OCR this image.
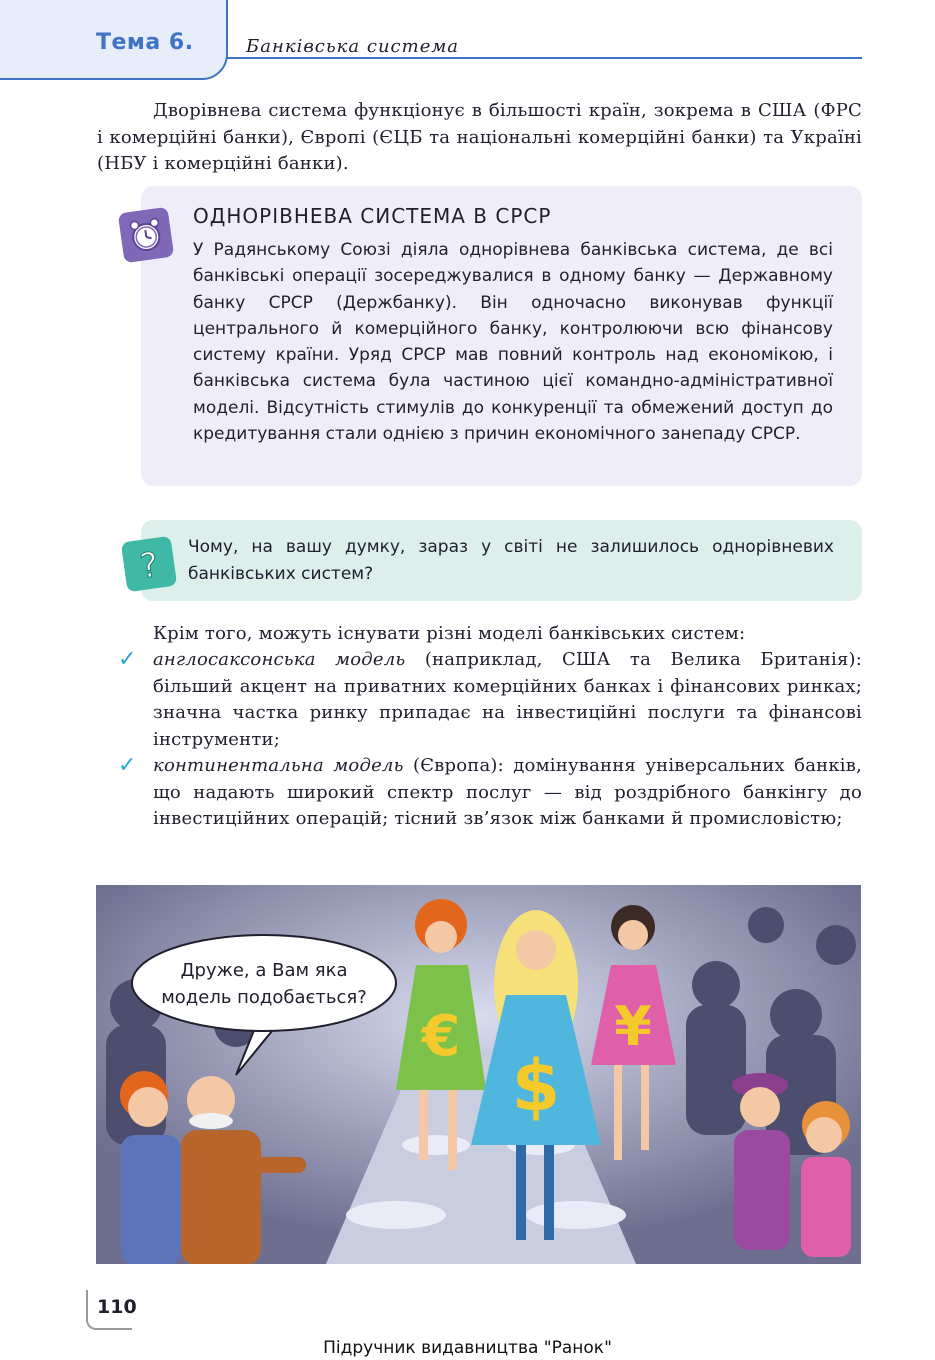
Тема 6.	Банківська система

Дворівнева система функціонує в більшості країн, зокрема в США (ФРС і комерційні банки), Європі (ЄЦБ та національні комерційні банки) та Україні (НБУ і комерційні банки).

ОДНОРІВНЕВА СИСТЕМА В СРСР

У Радянському Союзі діяла однорівнева банківська система, де всі банківські операції зосереджувалися в одному банку — Державному банку СРСР (Держбанку). Він одночасно виконував функції центрального й комерційного банку, контролюючи всю фінансову систему країни. Уряд СРСР мав повний контроль над економікою, і банківська система була частиною цієї командно-адміністративної моделі. Відсутність стимулів до конкуренції та обмежений доступ до кредитування стали однією з причин економічного занепаду СРСР.

? Чому, на вашу думку, зараз у світі не залишилось однорівневих банківських систем?

Крім того, можуть існувати різні моделі банківських систем:

✓ англосаксонська модель (наприклад, США та Велика Британія): більший акцент на приватних комерційних банках і фінансових ринках; значна частка ринку припадає на інвестиційні послуги та фінансові інструменти;

✓ континентальна модель (Європа): домінування універсальних банків, що надають широкий спектр послуг — від роздрібного банкінгу до інвестиційних операцій; тісний зв’язок між банками й промисловістю;

Друже, а Вам яка
модель подобається?
€	¥
$
110
Підручник видавництва "Ранок"
